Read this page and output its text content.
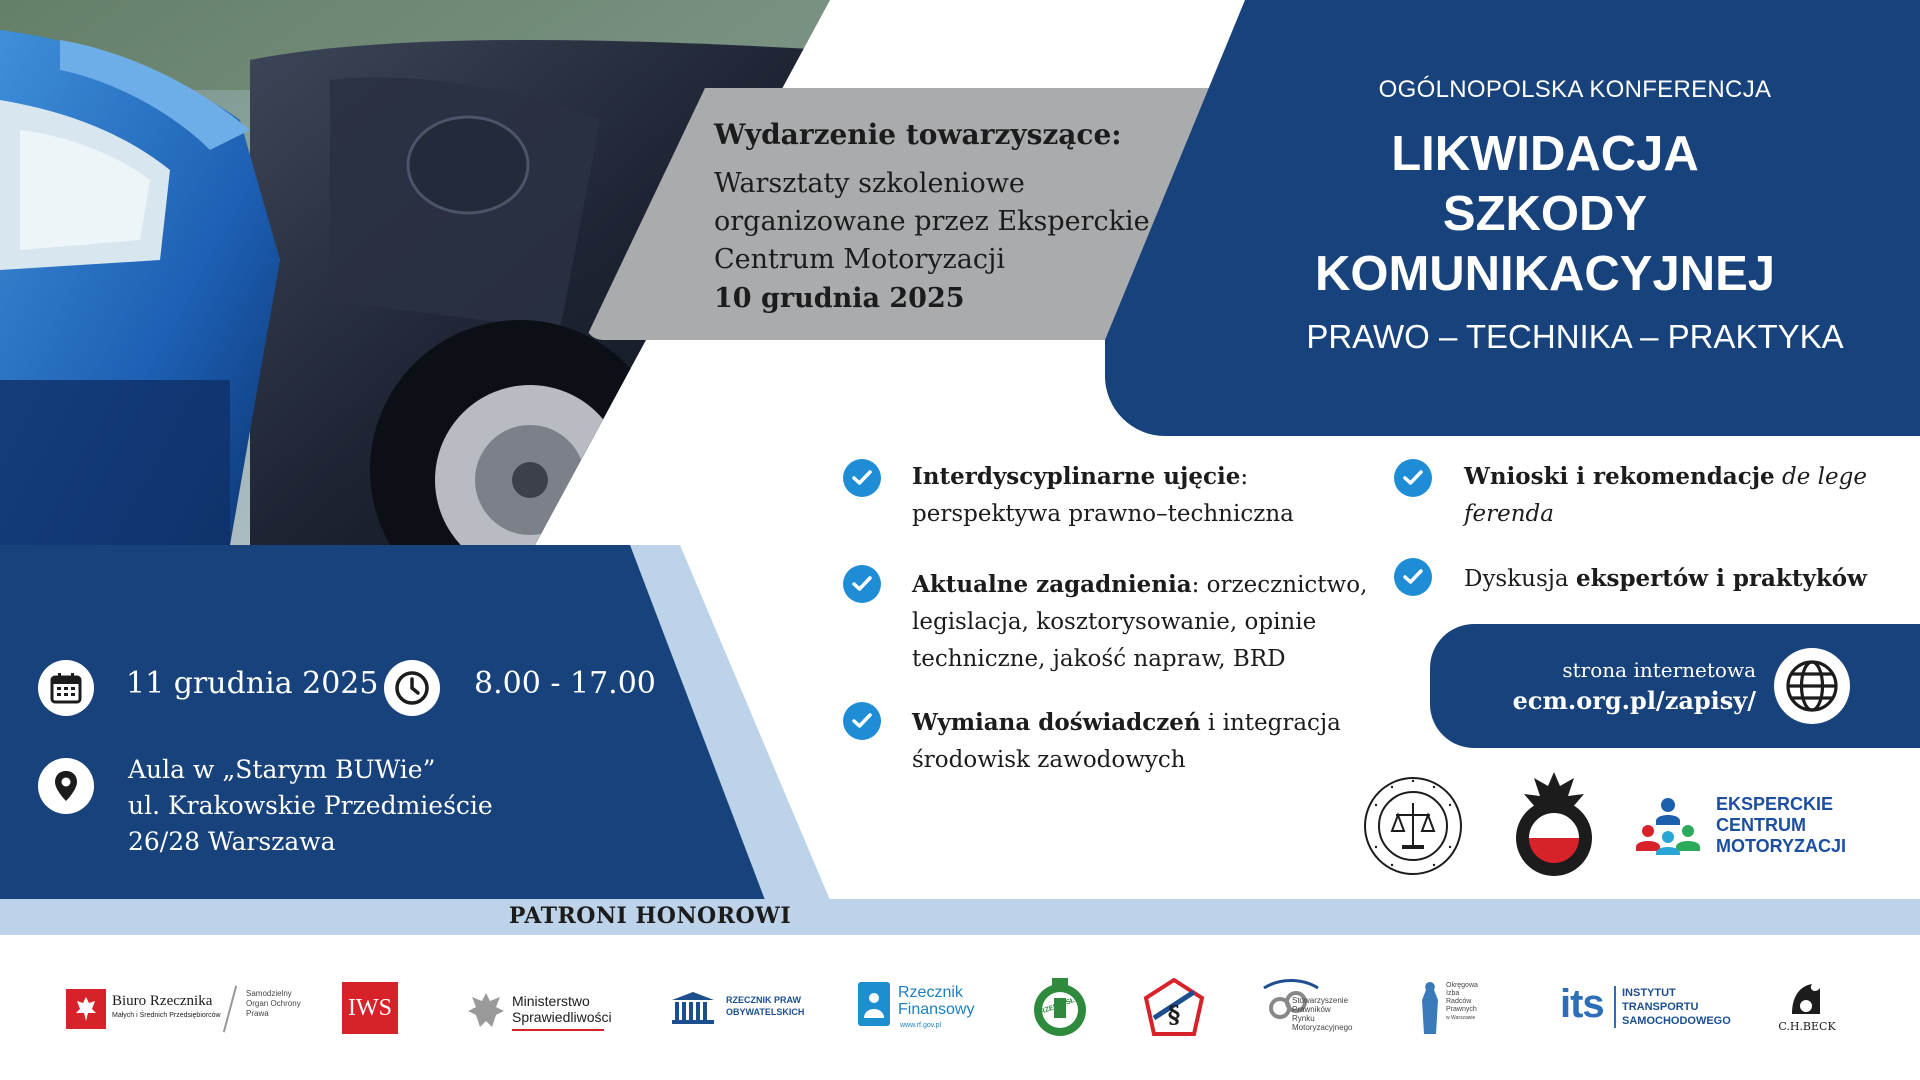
Wydarzenie towarzyszące:
Warsztaty szkoleniowe
organizowane przez Eksperckie
Centrum Motoryzacji
10 grudnia 2025
OGÓLNOPOLSKA KONFERENCJA
LIKWIDACJA
SZKODY
KOMUNIKACYJNEJ
PRAWO – TECHNIKA – PRAKTYKA
11 grudnia 2025	8.00 - 17.00
Aula w „Starym BUWie”
ul. Krakowskie Przedmieście
26/28 Warszawa
Interdyscyplinarne ujęcie:
perspektywa prawno–techniczna
Aktualne zagadnienia: orzecznictwo,
legislacja, kosztorysowanie, opinie
techniczne, jakość napraw, BRD
Wymiana doświadczeń i integracja
środowisk zawodowych
Wnioski i rekomendacje de lege
ferenda
Dyskusja ekspertów i praktyków
strona internetowa
ecm.org.pl/zapisy/
EKSPERCKIE
CENTRUM
MOTORYZACJI
PATRONI HONOROWI
Biuro Rzecznika
Małych i Średnich Przedsiębiorców
Samodzielny Organ Ochrony Prawa	IWS	Ministerstwo
Sprawiedliwości
RZECZNIK PRAW
OBYWATELSKICH
Rzecznik
Finansowy
www.rf.gov.pl
RZEMIOSŁO	§	Stowarzyszenie
Prawników
Rynku
Motoryzacyjnego
Okręgowa
Izba
Radców
Prawnych
w Warszawie its INSTYTUT
TRANSPORTU
SAMOCHODOWEGO	C.H.BECK
